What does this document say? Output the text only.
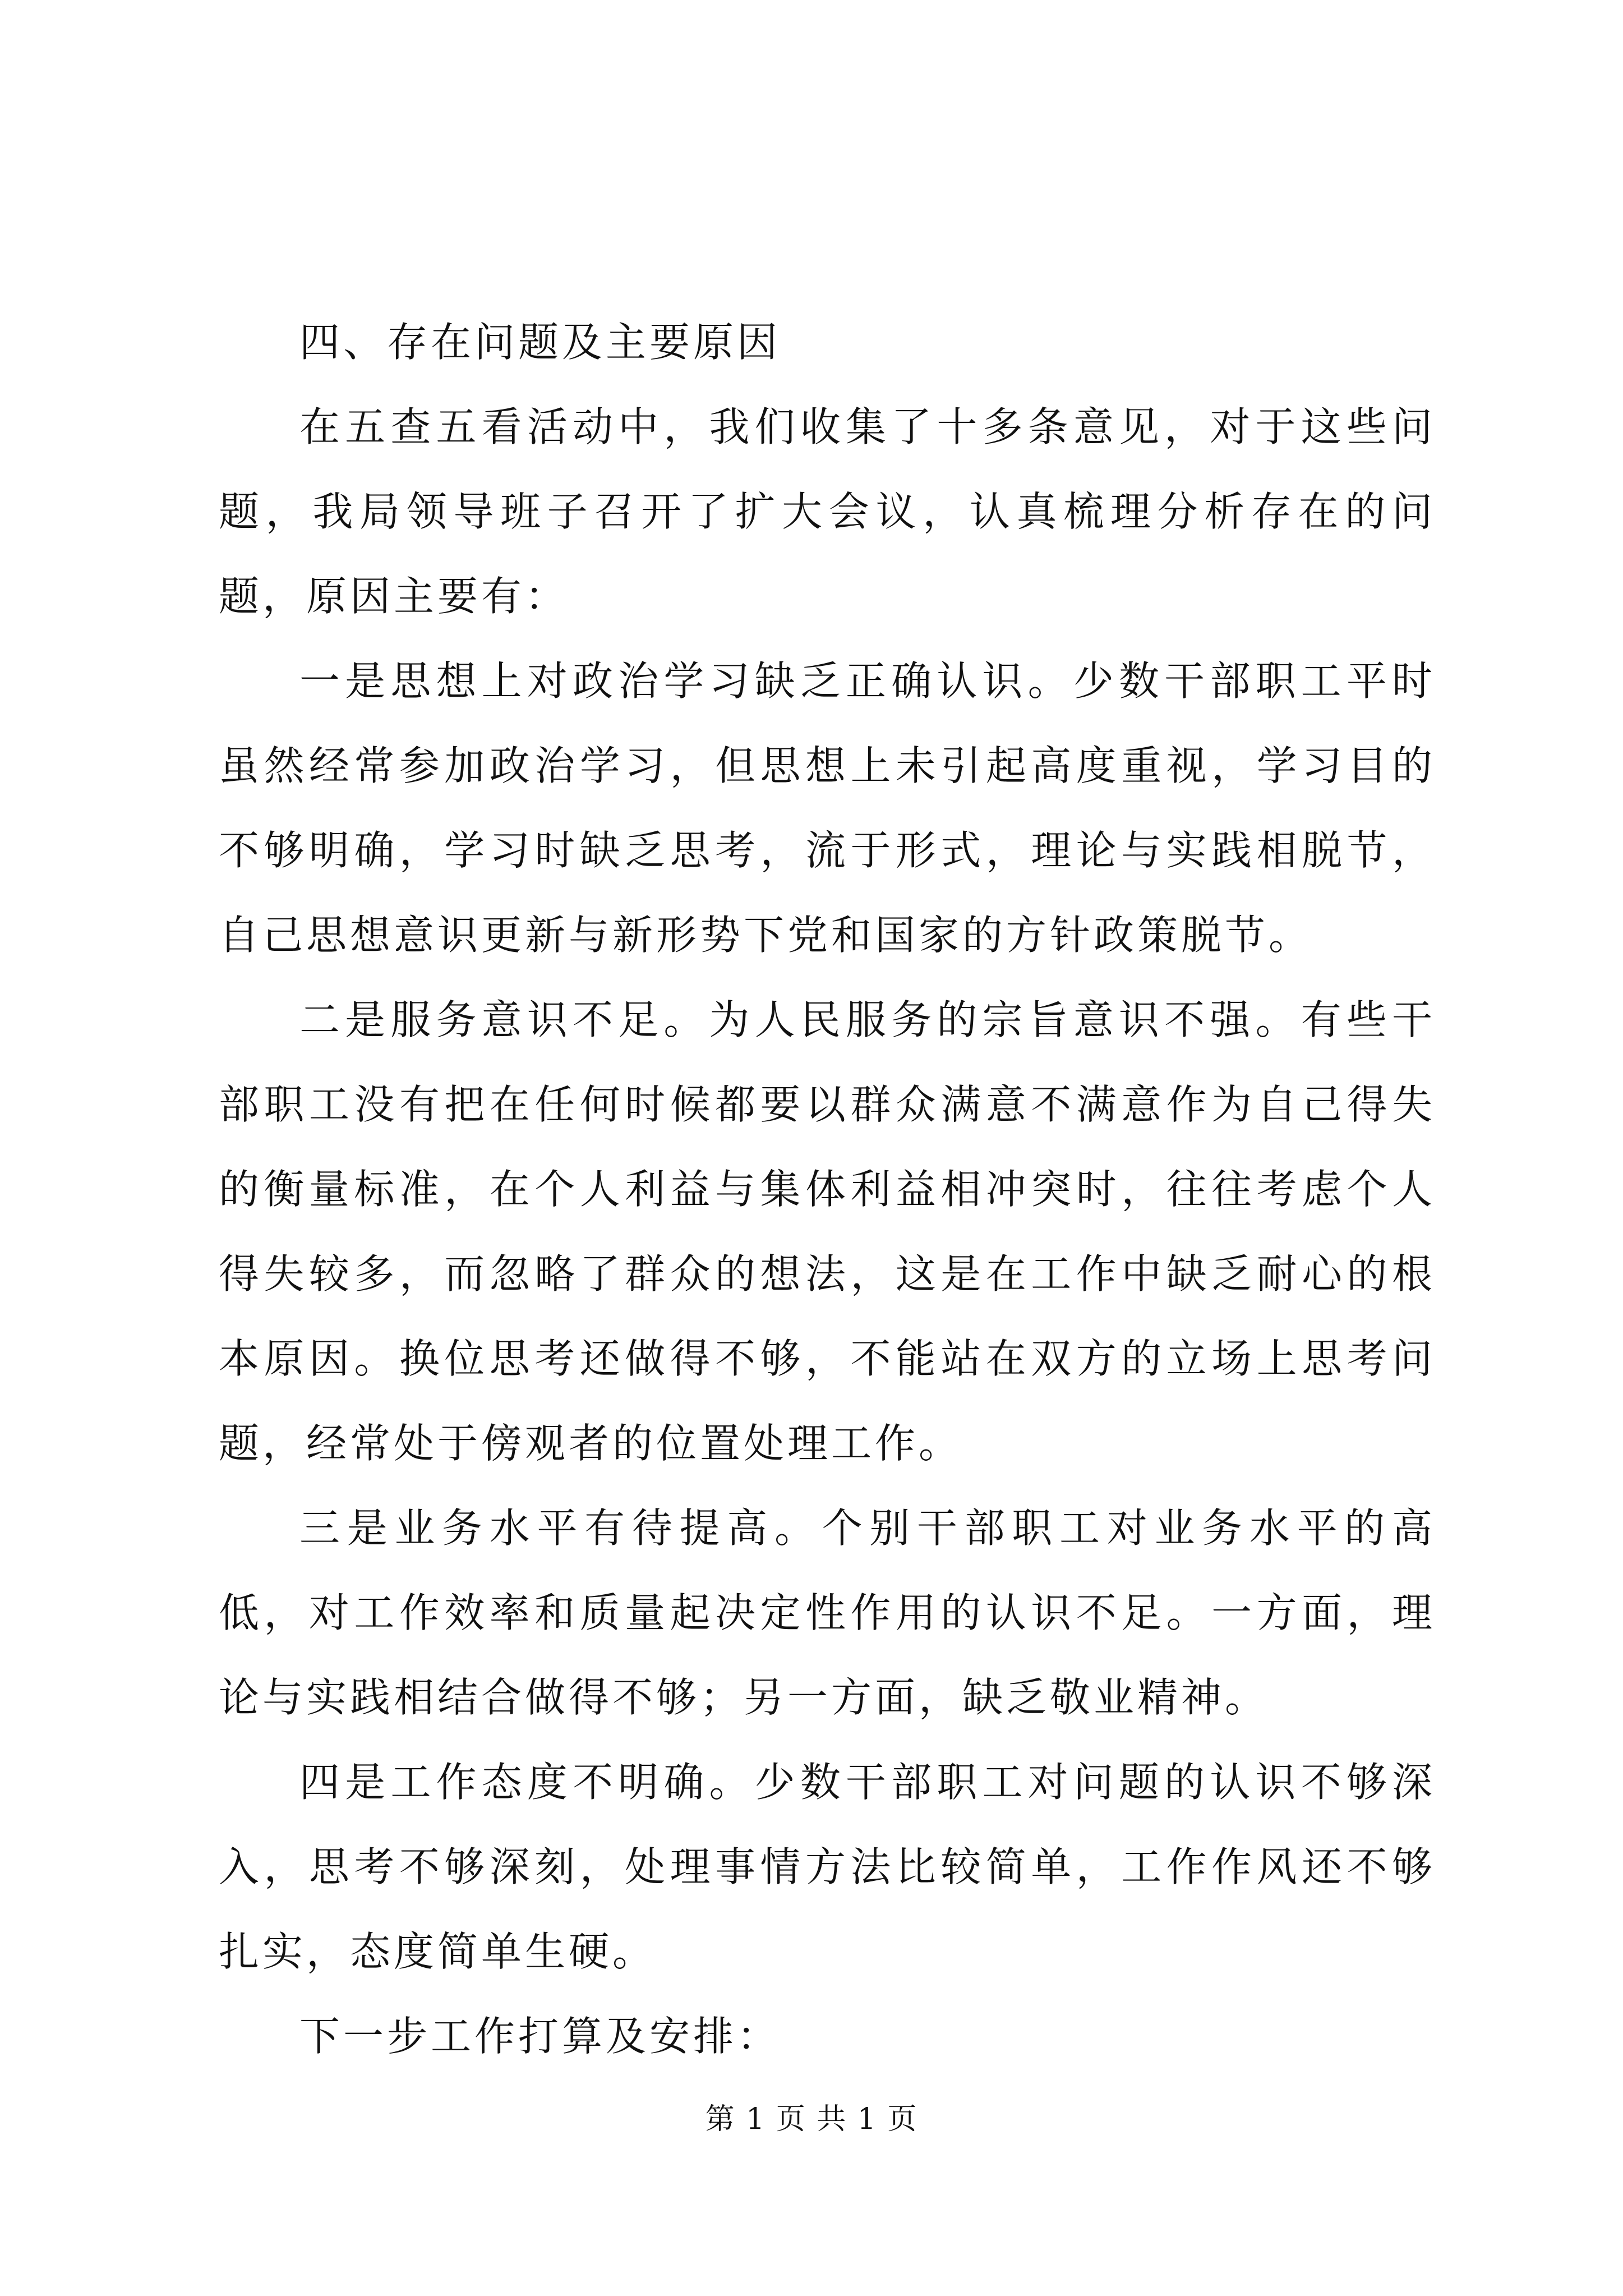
四、存在问题及主要原因

在五查五看活动中，我们收集了十多条意见，对于这些问题，我局领导班子召开了扩大会议，认真梳理分析存在的问题，原因主要有：

一是思想上对政治学习缺乏正确认识。少数干部职工平时虽然经常参加政治学习，但思想上未引起高度重视，学习目的不够明确，学习时缺乏思考，流于形式，理论与实践相脱节，自己思想意识更新与新形势下党和国家的方针政策脱节。

二是服务意识不足。为人民服务的宗旨意识不强。有些干部职工没有把在任何时候都要以群众满意不满意作为自己得失的衡量标准，在个人利益与集体利益相冲突时，往往考虑个人得失较多，而忽略了群众的想法，这是在工作中缺乏耐心的根本原因。换位思考还做得不够，不能站在双方的立场上思考问题，经常处于傍观者的位置处理工作。

三是业务水平有待提高。个别干部职工对业务水平的高低，对工作效率和质量起决定性作用的认识不足。一方面，理论与实践相结合做得不够；另一方面，缺乏敬业精神。

四是工作态度不明确。少数干部职工对问题的认识不够深入，思考不够深刻，处理事情方法比较简单，工作作风还不够扎实，态度简单生硬。

下一步工作打算及安排：

第 1 页 共 1 页
